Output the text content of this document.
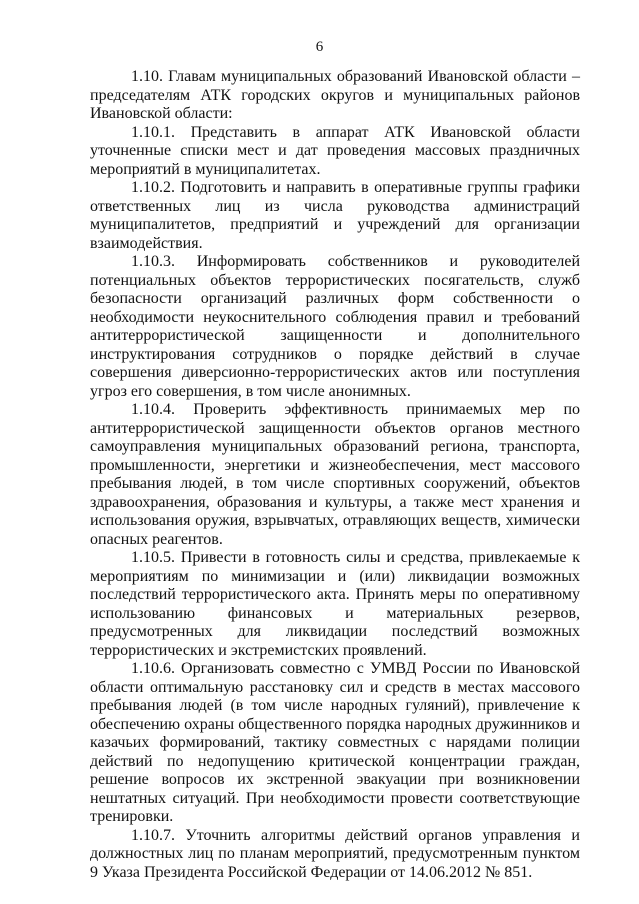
6

1.10. Главам муниципальных образований Ивановской области – председателям АТК городских округов и муниципальных районов Ивановской области:

1.10.1. Представить в аппарат АТК Ивановской области уточненные списки мест и дат проведения массовых праздничных мероприятий в муниципалитетах.

1.10.2. Подготовить и направить в оперативные группы графики ответственных лиц из числа руководства администраций муниципалитетов, предприятий и учреждений для организации взаимодействия.

1.10.3. Информировать собственников и руководителей потенциальных объектов террористических посягательств, служб безопасности организаций различных форм собственности о необходимости неукоснительного соблюдения правил и требований антитеррористической защищенности и дополнительного инструктирования сотрудников о порядке действий в случае совершения диверсионно-террористических актов или поступления угроз его совершения, в том числе анонимных.

1.10.4. Проверить эффективность принимаемых мер по антитеррористической защищенности объектов органов местного самоуправления муниципальных образований региона, транспорта, промышленности, энергетики и жизнеобеспечения, мест массового пребывания людей, в том числе спортивных сооружений, объектов здравоохранения, образования и культуры, а также мест хранения и использования оружия, взрывчатых, отравляющих веществ, химически опасных реагентов.

1.10.5. Привести в готовность силы и средства, привлекаемые к мероприятиям по минимизации и (или) ликвидации возможных последствий террористического акта. Принять меры по оперативному использованию финансовых и материальных резервов, предусмотренных для ликвидации последствий возможных террористических и экстремистских проявлений.

1.10.6. Организовать совместно с УМВД России по Ивановской области оптимальную расстановку сил и средств в местах массового пребывания людей (в том числе народных гуляний), привлечение к обеспечению охраны общественного порядка народных дружинников и казачьих формирований, тактику совместных с нарядами полиции действий по недопущению критической концентрации граждан, решение вопросов их экстренной эвакуации при возникновении нештатных ситуаций. При необходимости провести соответствующие тренировки.

1.10.7. Уточнить алгоритмы действий органов управления и должностных лиц по планам мероприятий, предусмотренным пунктом 9 Указа Президента Российской Федерации от 14.06.2012 № 851.
